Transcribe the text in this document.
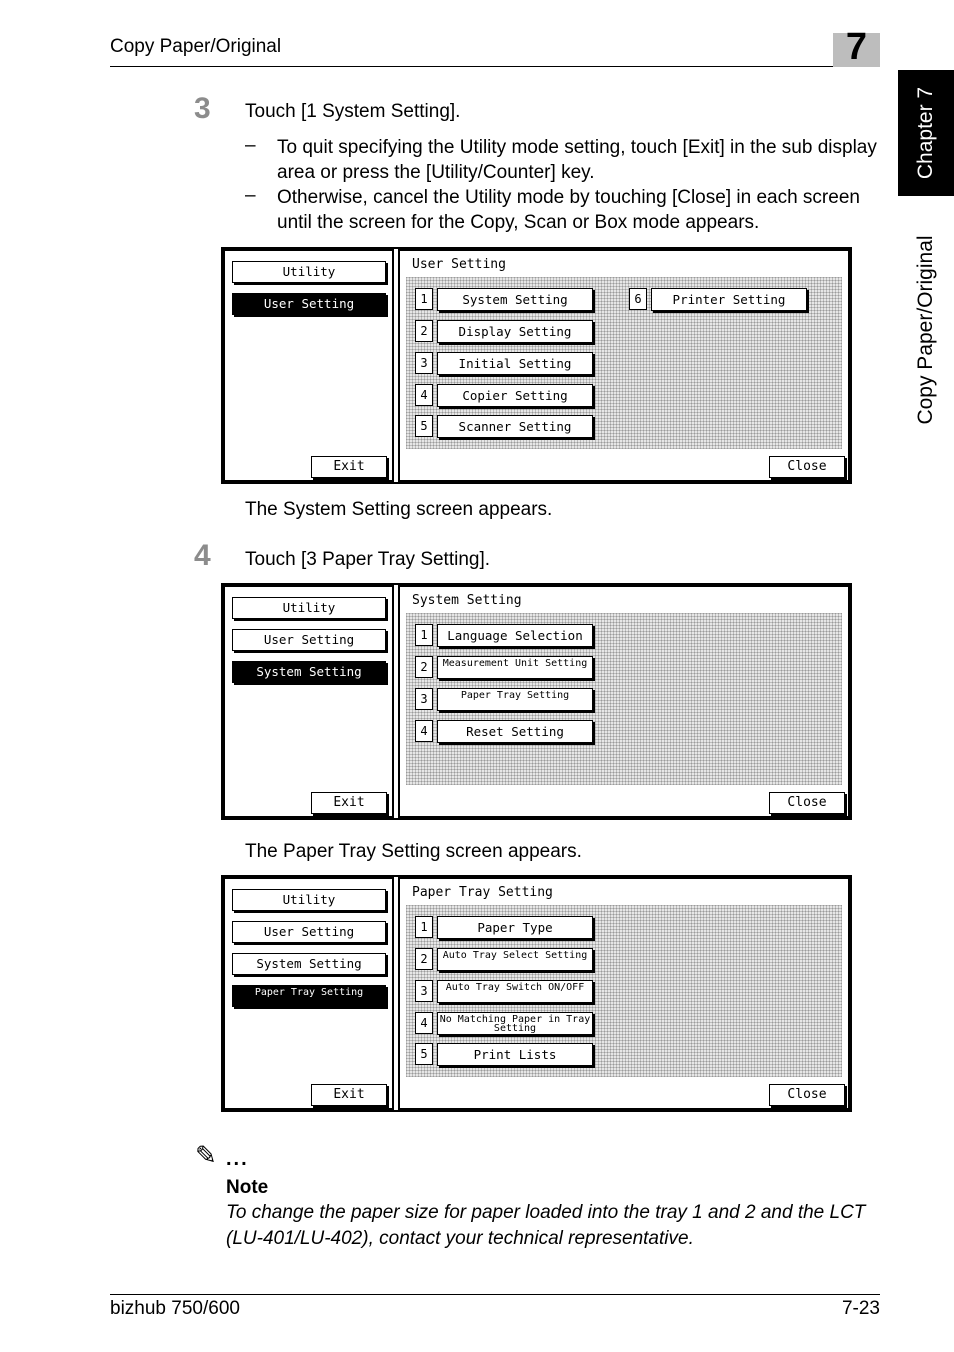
Copy Paper/Original	7
Chapter 7
Copy Paper/Original
3 Touch [1 System Setting].
– To quit specifying the Utility mode setting, touch [Exit] in the sub display area or press the [Utility/Counter] key.
– Otherwise, cancel the Utility mode by touching [Close] in each screen until the screen for the Copy, Scan or Box mode appears.
Utility
User Setting
Exit
User Setting
1	System Setting
2	Display Setting
3	Initial Setting
4	Copier Setting
5	Scanner Setting
6	Printer Setting
Close
The System Setting screen appears.
4 Touch [3 Paper Tray Setting].
Utility
User Setting
System Setting
Exit
System Setting
1	Language Selection
2	Measurement Unit Setting
3	Paper Tray Setting
4	Reset Setting
Close
The Paper Tray Setting screen appears.
Utility
User Setting
System Setting
Paper Tray Setting
Exit
Paper Tray Setting
1	Paper Type
2	Auto Tray Select Setting
3	Auto Tray Switch ON/OFF
4	No Matching Paper in Tray Setting
5	Print Lists
Close
✎ ...
Note
To change the paper size for paper loaded into the tray 1 and 2 and the LCT (LU-401/LU-402), contact your technical representative.
bizhub 750/600	7-23
